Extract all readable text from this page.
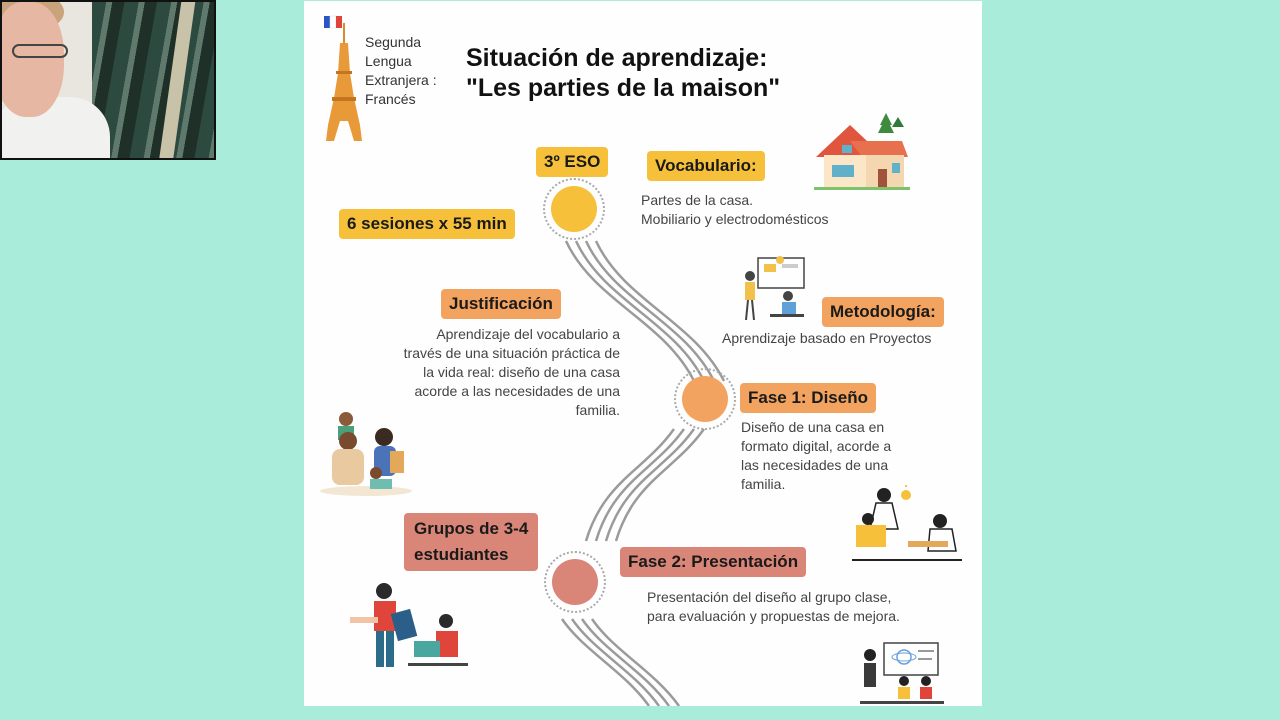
Segunda Lengua Extranjera : Francés
Situación de aprendizaje:
"Les parties de la maison"
3º ESO
6 sesiones x 55 min
Vocabulario:
Partes de la casa.
Mobiliario y electrodomésticos
Justificación
Aprendizaje del vocabulario a
través de una situación práctica de
la vida real: diseño de una casa
acorde a las necesidades de una
familia.
Metodología:
Aprendizaje basado en Proyectos
Fase 1: Diseño
Diseño de una casa en
formato digital, acorde a
las necesidades de una
familia.
Grupos de 3-4
estudiantes	Fase 2: Presentación
Presentación del diseño al grupo clase,
para evaluación y propuestas de mejora.
